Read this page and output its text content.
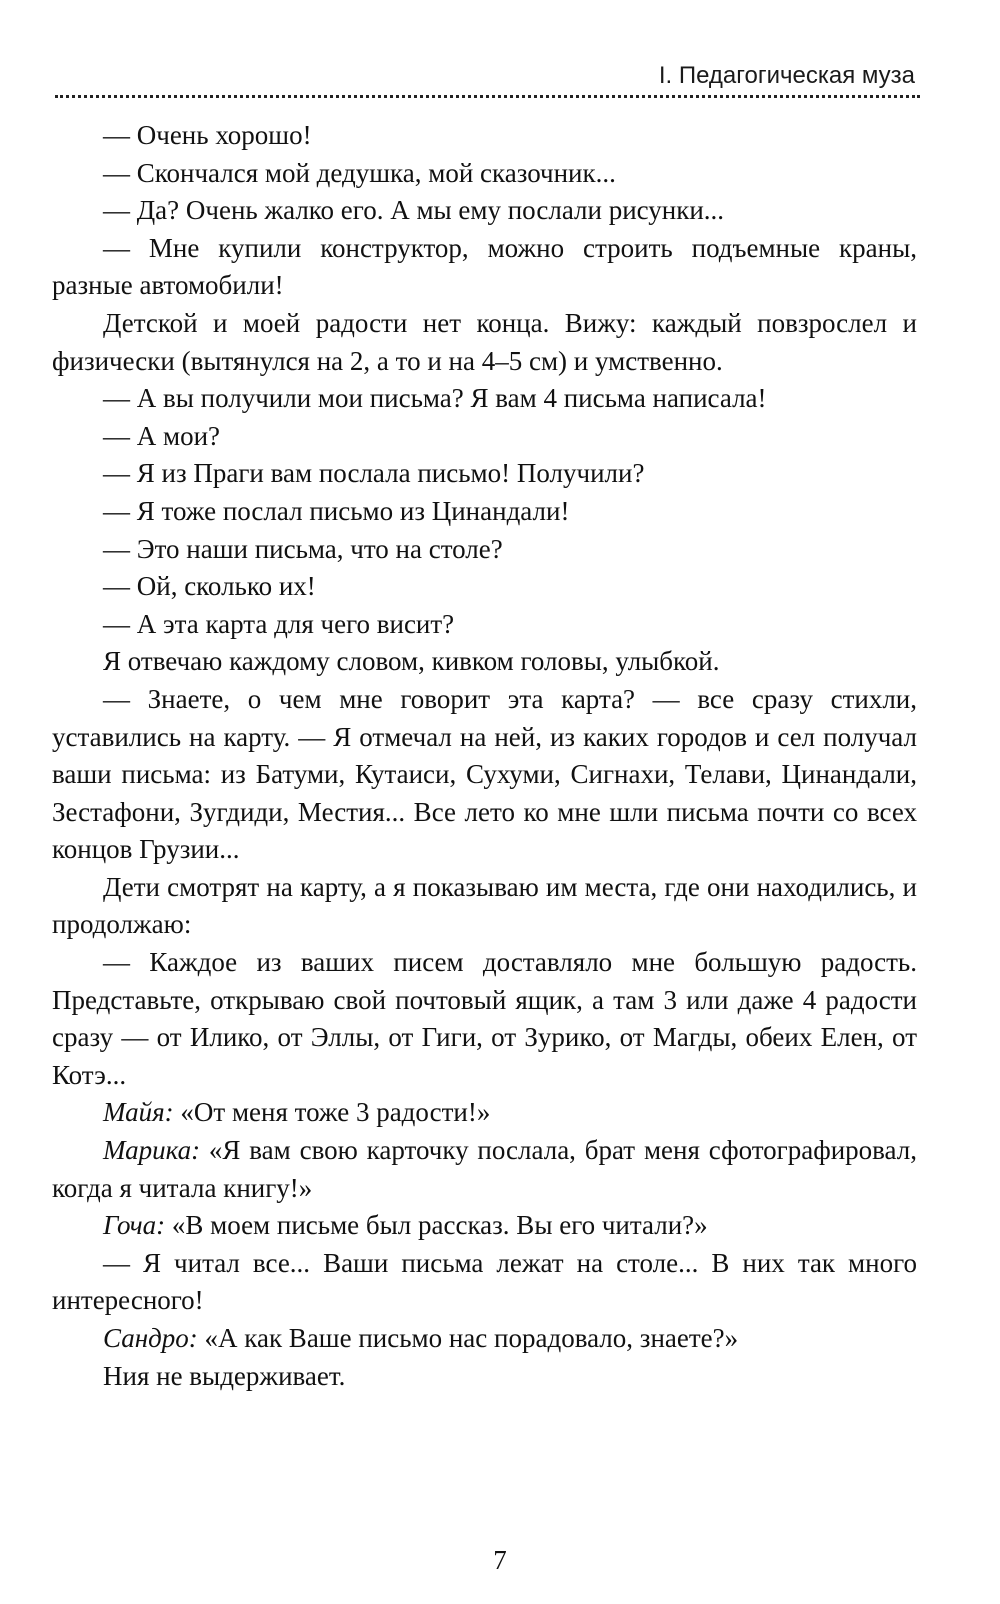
I. Педагогическая муза

— Очень хорошо!

— Скончался мой дедушка, мой сказочник...

— Да? Очень жалко его. А мы ему послали рисунки...

— Мне купили конструктор, можно строить подъемные краны, разные автомобили!

Детской и моей радости нет конца. Вижу: каждый повзрослел и физически (вытянулся на 2, а то и на 4–5 см) и умственно.

— А вы получили мои письма? Я вам 4 письма написала!

— А мои?

— Я из Праги вам послала письмо! Получили?

— Я тоже послал письмо из Цинандали!

— Это наши письма, что на столе?

— Ой, сколько их!

— А эта карта для чего висит?

Я отвечаю каждому словом, кивком головы, улыбкой.

— Знаете, о чем мне говорит эта карта? — все сразу стихли, уставились на карту. — Я отмечал на ней, из каких городов и сел получал ваши письма: из Батуми, Кутаиси, Сухуми, Сигнахи, Телави, Цинандали, Зестафони, Зугдиди, Местия... Все лето ко мне шли письма почти со всех концов Грузии...

Дети смотрят на карту, а я показываю им места, где они находились, и продолжаю:

— Каждое из ваших писем доставляло мне большую радость. Представьте, открываю свой почтовый ящик, а там 3 или даже 4 радости сразу — от Илико, от Эллы, от Гиги, от Зурико, от Магды, обеих Елен, от Котэ...

Майя: «От меня тоже 3 радости!»

Марика: «Я вам свою карточку послала, брат меня сфотографировал, когда я читала книгу!»

Гоча: «В моем письме был рассказ. Вы его читали?»

— Я читал все... Ваши письма лежат на столе... В них так много интересного!

Сандро: «А как Ваше письмо нас порадовало, знаете?»

Ния не выдерживает.

7
